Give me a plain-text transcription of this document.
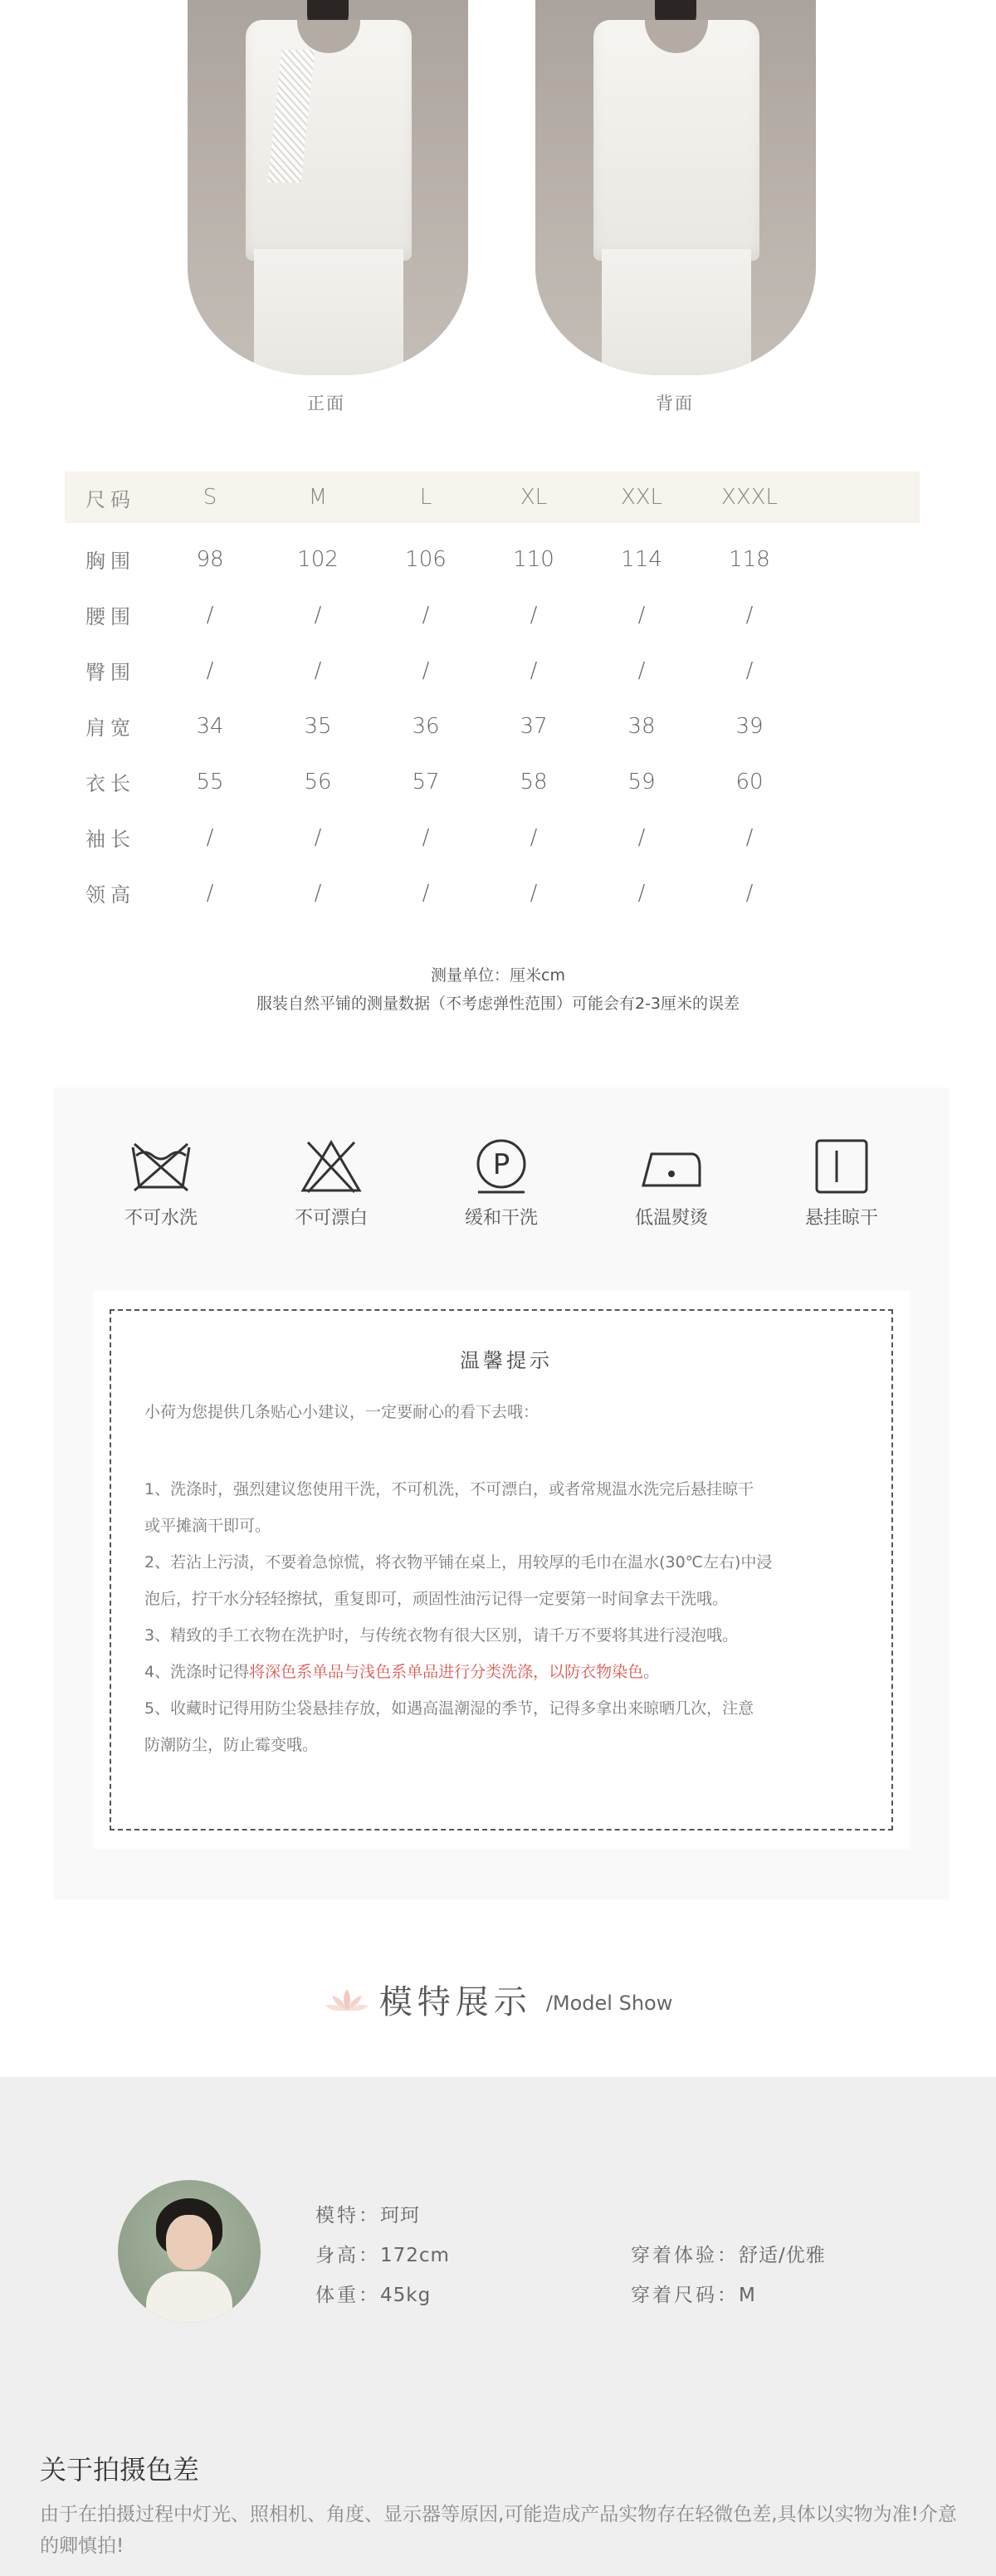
正面	背面
尺码	S	M	L	XL	XXL	XXXL
胸围	98	102	106	110	114	118
腰围	/	/	/	/	/	/
臀围	/	/	/	/	/	/
肩宽	34	35	36	37	38	39
衣长	55	56	57	58	59	60
袖长	/	/	/	/	/	/
领高	/	/	/	/	/	/
测量单位：厘米cm
服装自然平铺的测量数据（不考虑弹性范围）可能会有2-3厘米的误差
不可水洗	不可漂白
P
缓和干洗	低温熨烫	悬挂晾干
温馨提示
小荷为您提供几条贴心小建议，一定要耐心的看下去哦：
1、洗涤时，强烈建议您使用干洗，不可机洗，不可漂白，或者常规温水洗完后悬挂晾干
或平摊滴干即可。
2、若沾上污渍，不要着急惊慌，将衣物平铺在桌上，用较厚的毛巾在温水(30℃左右)中浸
泡后，拧干水分轻轻擦拭，重复即可，顽固性油污记得一定要第一时间拿去干洗哦。
3、精致的手工衣物在洗护时，与传统衣物有很大区别，请千万不要将其进行浸泡哦。
4、洗涤时记得将深色系单品与浅色系单品进行分类洗涤，以防衣物染色。
5、收藏时记得用防尘袋悬挂存放，如遇高温潮湿的季节，记得多拿出来晾晒几次，注意
防潮防尘，防止霉变哦。
模特展示 /Model Show
模特：珂珂
身高：172cm
体重：45kg
穿着体验：舒适/优雅
穿着尺码：M
关于拍摄色差
由于在拍摄过程中灯光、照相机、角度、显示器等原因,可能造成产品实物存在轻微色差,具体以实物为准!介意的卿慎拍!
